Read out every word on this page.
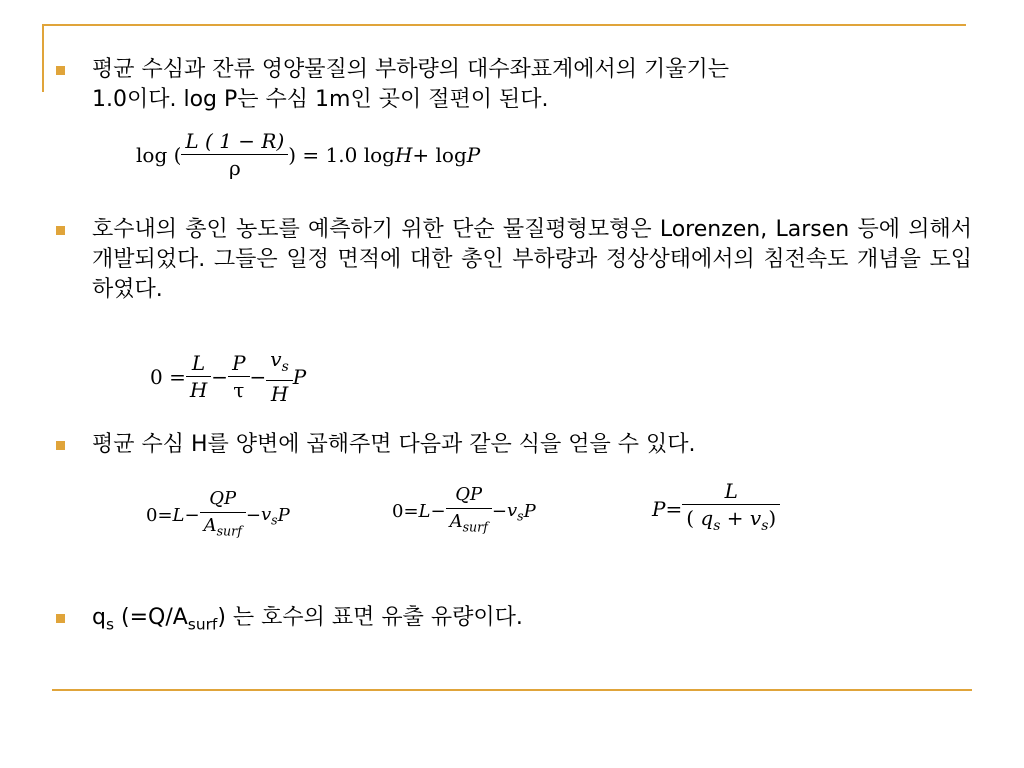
평균 수심과 잔류 영양물질의 부하량의 대수좌표계에서의 기울기는
1.0이다. log P는 수심 1m인 곳이 절편이 된다.
log ( $\frac{L ( 1 - R)}{\rho}$ ) = 1.0 log H + log P
호수내의 총인 농도를 예측하기 위한 단순 물질평형모형은 Lorenzen, Larsen 등에 의해서 개발되었다. 그들은 일정 면적에 대한 총인 부하량과 정상상태에서의 침전속도 개념을 도입하였다.
$0 = \frac{L}{H} - \frac{P}{\tau} - \frac{v_s}{H}$ P
평균 수심 H를 양변에 곱해주면 다음과 같은 식을 얻을 수 있다.
$0= L - \frac{QP}{A_{surf}} - v_s$ P	$0= L - \frac{QP}{A_{surf}} - v_s$ P	$P = \frac{L}{( q_s + v_s)}$
$q_s$ $(=Q/A_{surf})$ 는 호수의 표면 유출 유량이다.
